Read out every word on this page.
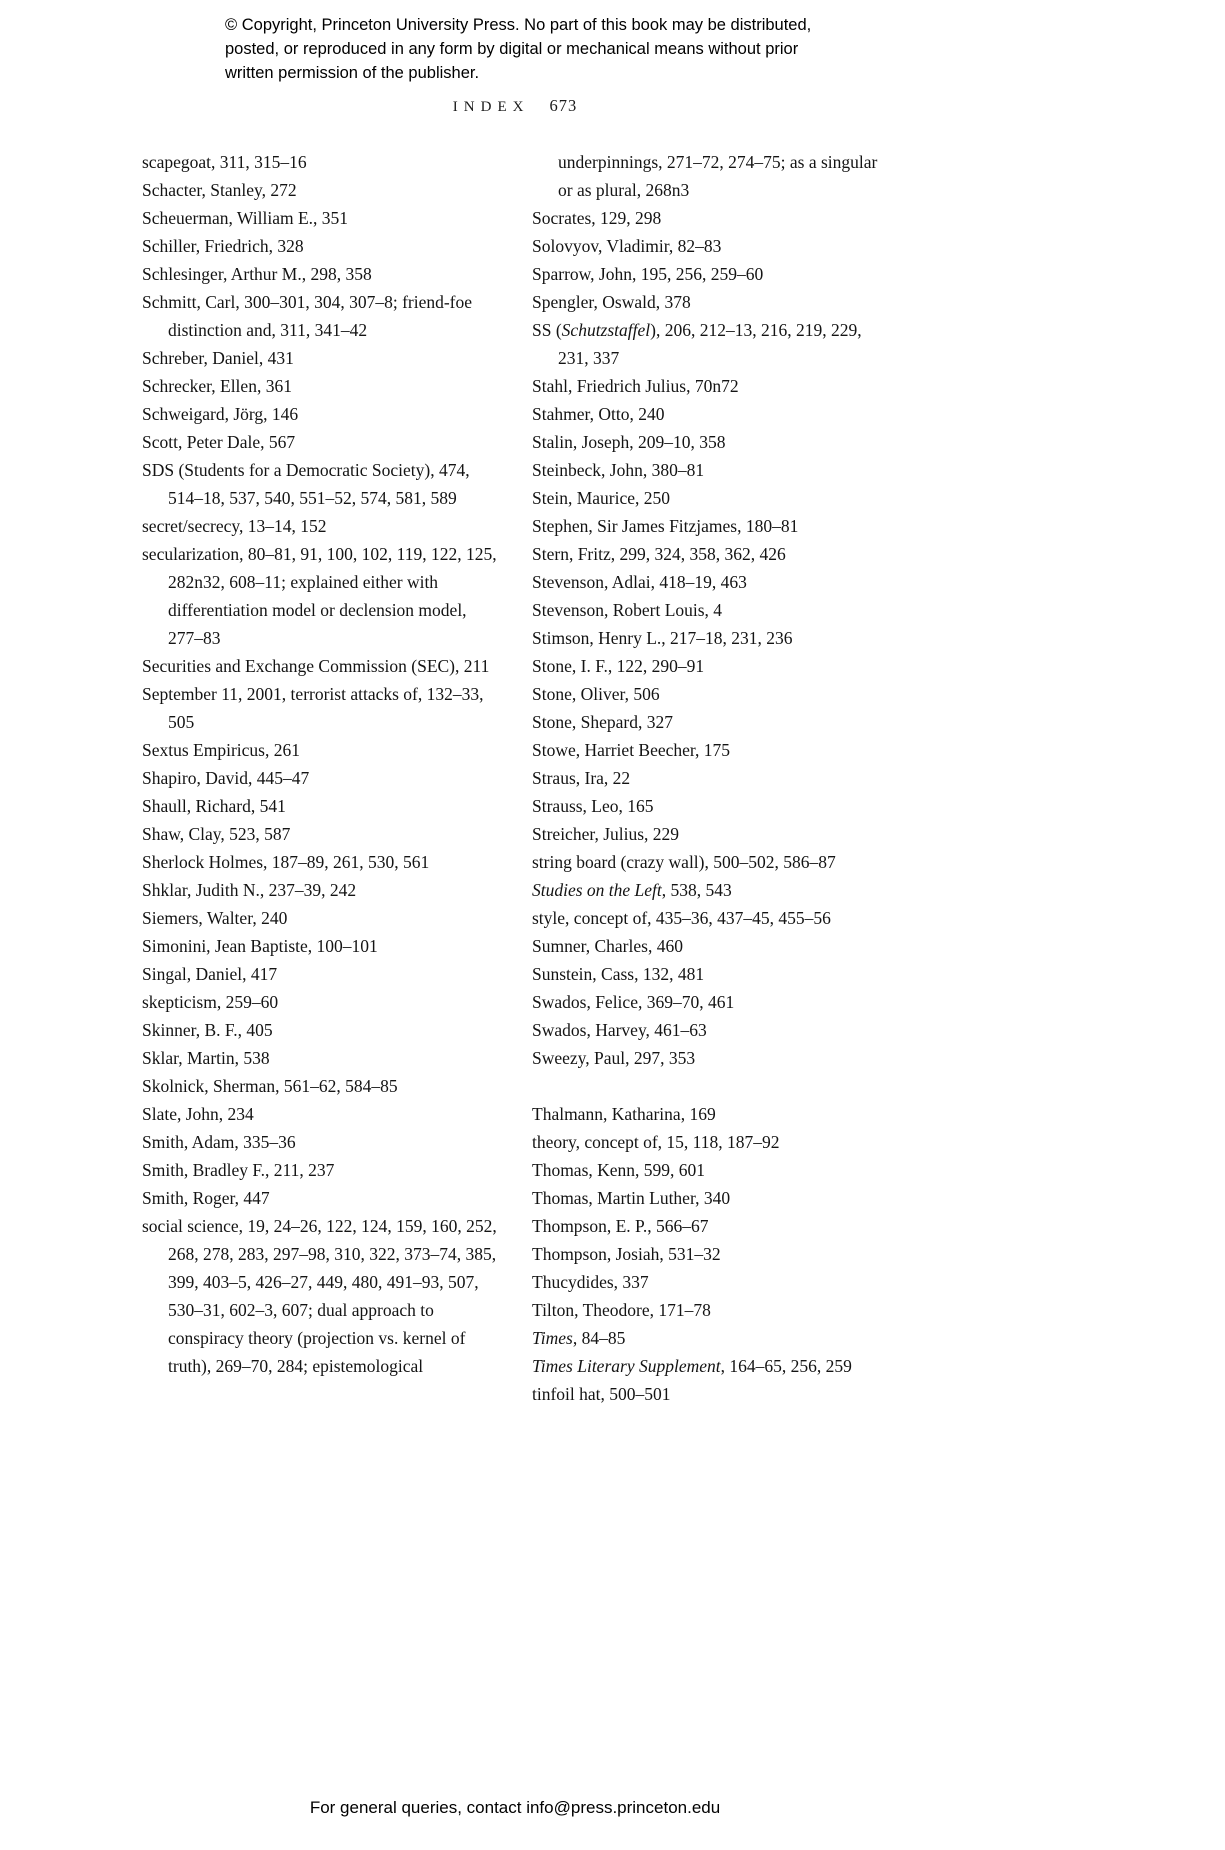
© Copyright, Princeton University Press. No part of this book may be distributed, posted, or reproduced in any form by digital or mechanical means without prior written permission of the publisher.
INDEX 673
scapegoat, 311, 315–16
Schacter, Stanley, 272
Scheuerman, William E., 351
Schiller, Friedrich, 328
Schlesinger, Arthur M., 298, 358
Schmitt, Carl, 300–301, 304, 307–8; friend-foe distinction and, 311, 341–42
Schreber, Daniel, 431
Schrecker, Ellen, 361
Schweigard, Jörg, 146
Scott, Peter Dale, 567
SDS (Students for a Democratic Society), 474, 514–18, 537, 540, 551–52, 574, 581, 589
secret/secrecy, 13–14, 152
secularization, 80–81, 91, 100, 102, 119, 122, 125, 282n32, 608–11; explained either with differentiation model or declension model, 277–83
Securities and Exchange Commission (SEC), 211
September 11, 2001, terrorist attacks of, 132–33, 505
Sextus Empiricus, 261
Shapiro, David, 445–47
Shaull, Richard, 541
Shaw, Clay, 523, 587
Sherlock Holmes, 187–89, 261, 530, 561
Shklar, Judith N., 237–39, 242
Siemers, Walter, 240
Simonini, Jean Baptiste, 100–101
Singal, Daniel, 417
skepticism, 259–60
Skinner, B. F., 405
Sklar, Martin, 538
Skolnick, Sherman, 561–62, 584–85
Slate, John, 234
Smith, Adam, 335–36
Smith, Bradley F., 211, 237
Smith, Roger, 447
social science, 19, 24–26, 122, 124, 159, 160, 252, 268, 278, 283, 297–98, 310, 322, 373–74, 385, 399, 403–5, 426–27, 449, 480, 491–93, 507, 530–31, 602–3, 607; dual approach to conspiracy theory (projection vs. kernel of truth), 269–70, 284; epistemological
underpinnings, 271–72, 274–75; as a singular or as plural, 268n3
Socrates, 129, 298
Solovyov, Vladimir, 82–83
Sparrow, John, 195, 256, 259–60
Spengler, Oswald, 378
SS (Schutzstaffel), 206, 212–13, 216, 219, 229, 231, 337
Stahl, Friedrich Julius, 70n72
Stahmer, Otto, 240
Stalin, Joseph, 209–10, 358
Steinbeck, John, 380–81
Stein, Maurice, 250
Stephen, Sir James Fitzjames, 180–81
Stern, Fritz, 299, 324, 358, 362, 426
Stevenson, Adlai, 418–19, 463
Stevenson, Robert Louis, 4
Stimson, Henry L., 217–18, 231, 236
Stone, I. F., 122, 290–91
Stone, Oliver, 506
Stone, Shepard, 327
Stowe, Harriet Beecher, 175
Straus, Ira, 22
Strauss, Leo, 165
Streicher, Julius, 229
string board (crazy wall), 500–502, 586–87
Studies on the Left, 538, 543
style, concept of, 435–36, 437–45, 455–56
Sumner, Charles, 460
Sunstein, Cass, 132, 481
Swados, Felice, 369–70, 461
Swados, Harvey, 461–63
Sweezy, Paul, 297, 353
Thalmann, Katharina, 169
theory, concept of, 15, 118, 187–92
Thomas, Kenn, 599, 601
Thomas, Martin Luther, 340
Thompson, E. P., 566–67
Thompson, Josiah, 531–32
Thucydides, 337
Tilton, Theodore, 171–78
Times, 84–85
Times Literary Supplement, 164–65, 256, 259
tinfoil hat, 500–501
For general queries, contact info@press.princeton.edu
